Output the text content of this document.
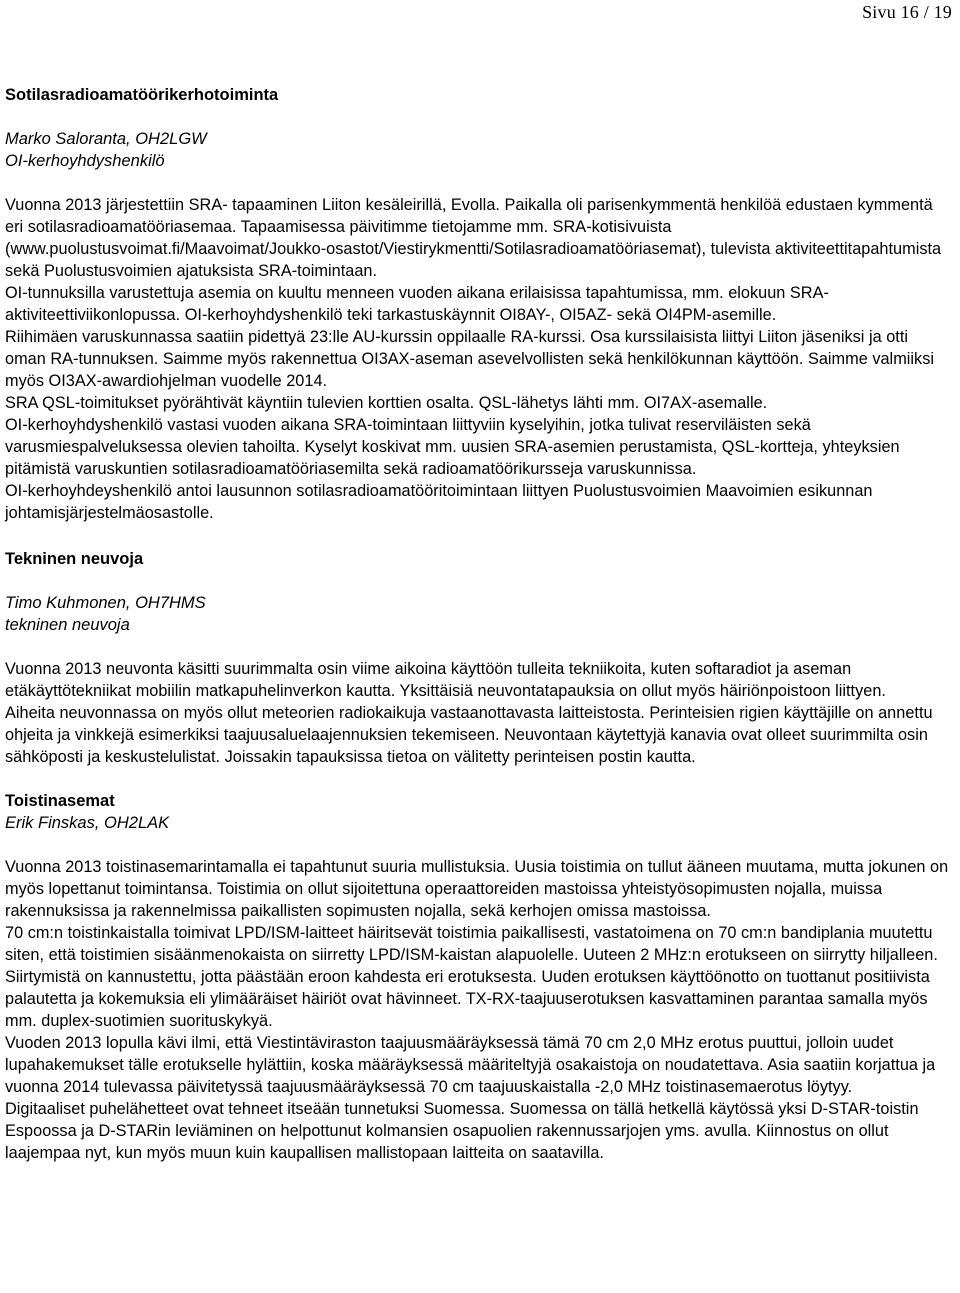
Sivu 16 / 19

Sotilasradioamatöörikerhotoiminta

Marko Saloranta, OH2LGW

OI-kerhoyhdyshenkilö

Vuonna 2013 järjestettiin SRA- tapaaminen Liiton kesäleirillä, Evolla. Paikalla oli parisenkymmentä henkilöä edustaen kymmentä eri sotilasradioamatööriasemaa. Tapaamisessa päivitimme tietojamme mm. SRA-kotisivuista (www.puolustusvoimat.fi/Maavoimat/Joukko-osastot/Viestirykmentti/Sotilasradioamatööriasemat), tulevista aktiviteettitapahtumista sekä Puolustusvoimien ajatuksista SRA-toimintaan.

OI-tunnuksilla varustettuja asemia on kuultu menneen vuoden aikana erilaisissa tapahtumissa, mm. elokuun SRA-aktiviteettiviikonlopussa. OI-kerhoyhdyshenkilö teki tarkastuskäynnit OI8AY-, OI5AZ- sekä OI4PM-asemille.

Riihimäen varuskunnassa saatiin pidettyä 23:lle AU-kurssin oppilaalle RA-kurssi. Osa kurssilaisista liittyi Liiton jäseniksi ja otti oman RA-tunnuksen. Saimme myös rakennettua OI3AX-aseman asevelvollisten sekä henkilökunnan käyttöön. Saimme valmiiksi myös OI3AX-awardiohjelman vuodelle 2014.

SRA QSL-toimitukset pyörähtivät käyntiin tulevien korttien osalta. QSL-lähetys lähti mm. OI7AX-asemalle.

OI-kerhoyhdyshenkilö vastasi vuoden aikana SRA-toimintaan liittyviin kyselyihin, jotka tulivat reserviläisten sekä varusmiespalveluksessa olevien tahoilta. Kyselyt koskivat mm. uusien SRA-asemien perustamista, QSL-kortteja, yhteyksien pitämistä varuskuntien sotilasradioamatööriasemilta sekä radioamatöörikursseja varuskunnissa.

OI-kerhoyhdeyshenkilö antoi lausunnon sotilasradioamatööritoimintaan liittyen Puolustusvoimien Maavoimien esikunnan johtamisjärjestelmäosastolle.

Tekninen neuvoja

Timo Kuhmonen, OH7HMS

tekninen neuvoja

Vuonna 2013 neuvonta käsitti suurimmalta osin viime aikoina käyttöön tulleita tekniikoita, kuten softaradiot ja aseman etäkäyttötekniikat mobiilin matkapuhelinverkon kautta. Yksittäisiä neuvontatapauksia on ollut myös häiriönpoistoon liittyen.

Aiheita neuvonnassa on myös ollut meteorien radiokaikuja vastaanottavasta laitteistosta. Perinteisien rigien käyttäjille on annettu ohjeita ja vinkkejä esimerkiksi taajuusaluelaajennuksien tekemiseen. Neuvontaan käytettyjä kanavia ovat olleet suurimmilta osin sähköposti ja keskustelulistat. Joissakin tapauksissa tietoa on välitetty perinteisen postin kautta.

Toistinasemat

Erik Finskas, OH2LAK

Vuonna 2013 toistinasemarintamalla ei tapahtunut suuria mullistuksia. Uusia toistimia on tullut ääneen muutama, mutta jokunen on myös lopettanut toimintansa. Toistimia on ollut sijoitettuna operaattoreiden mastoissa yhteistyösopimusten nojalla, muissa rakennuksissa ja rakennelmissa paikallisten sopimusten nojalla, sekä kerhojen omissa mastoissa.

70 cm:n toistinkaistalla toimivat LPD/ISM-laitteet häiritsevät toistimia paikallisesti, vastatoimena on 70 cm:n bandiplania muutettu siten, että toistimien sisäänmenokaista on siirretty LPD/ISM-kaistan alapuolelle. Uuteen 2 MHz:n erotukseen on siirrytty hiljalleen. Siirtymistä on kannustettu, jotta päästään eroon kahdesta eri erotuksesta. Uuden erotuksen käyttöönotto on tuottanut positiivista palautetta ja kokemuksia eli ylimääräiset häiriöt ovat hävinneet. TX-RX-taajuuserotuksen kasvattaminen parantaa samalla myös mm. duplex-suotimien suorituskykyä.

Vuoden 2013 lopulla kävi ilmi, että Viestintäviraston taajuusmääräyksessä tämä 70 cm 2,0 MHz erotus puuttui, jolloin uudet lupahakemukset tälle erotukselle hylättiin, koska määräyksessä määriteltyjä osakaistoja on noudatettava. Asia saatiin korjattua ja vuonna 2014 tulevassa päivitetyssä taajuusmääräyksessä 70 cm taajuuskaistalla -2,0 MHz toistinasemaerotus löytyy.

Digitaaliset puhelähetteet ovat tehneet itseään tunnetuksi Suomessa. Suomessa on tällä hetkellä käytössä yksi D-STAR-toistin Espoossa ja D-STARin leviäminen on helpottunut kolmansien osapuolien rakennussarjojen yms. avulla. Kiinnostus on ollut laajempaa nyt, kun myös muun kuin kaupallisen mallistopaan laitteita on saatavilla.
